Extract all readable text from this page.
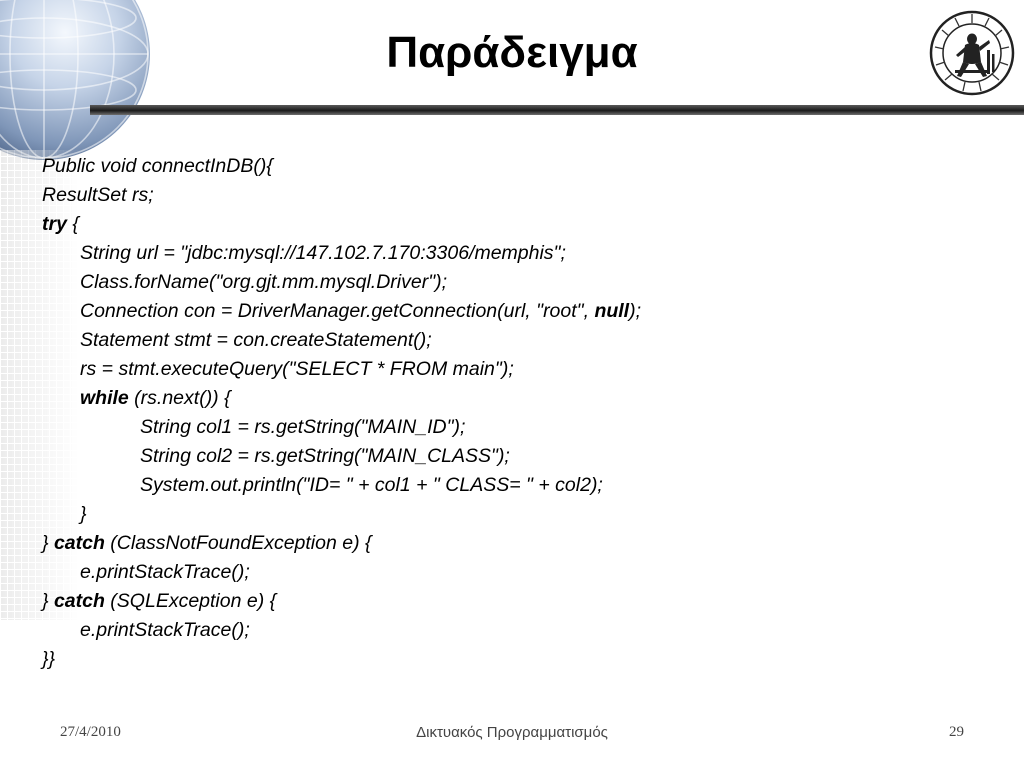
Παράδειγμα
Public void connectInDB(){
ResultSet rs;
try {
String url = "jdbc:mysql://147.102.7.170:3306/memphis";
Class.forName("org.gjt.mm.mysql.Driver");
Connection con = DriverManager.getConnection(url, "root", null);
Statement stmt = con.createStatement();
rs = stmt.executeQuery("SELECT * FROM main");
while (rs.next()) {
String col1 = rs.getString("MAIN_ID");
String col2 = rs.getString("MAIN_CLASS");
System.out.println("ID= " + col1 + " CLASS= " + col2);
}
} catch (ClassNotFoundException e) {
e.printStackTrace();
} catch (SQLException e) {
e.printStackTrace();
}}
27/4/2010	Δικτυακός Προγραμματισμός	29
